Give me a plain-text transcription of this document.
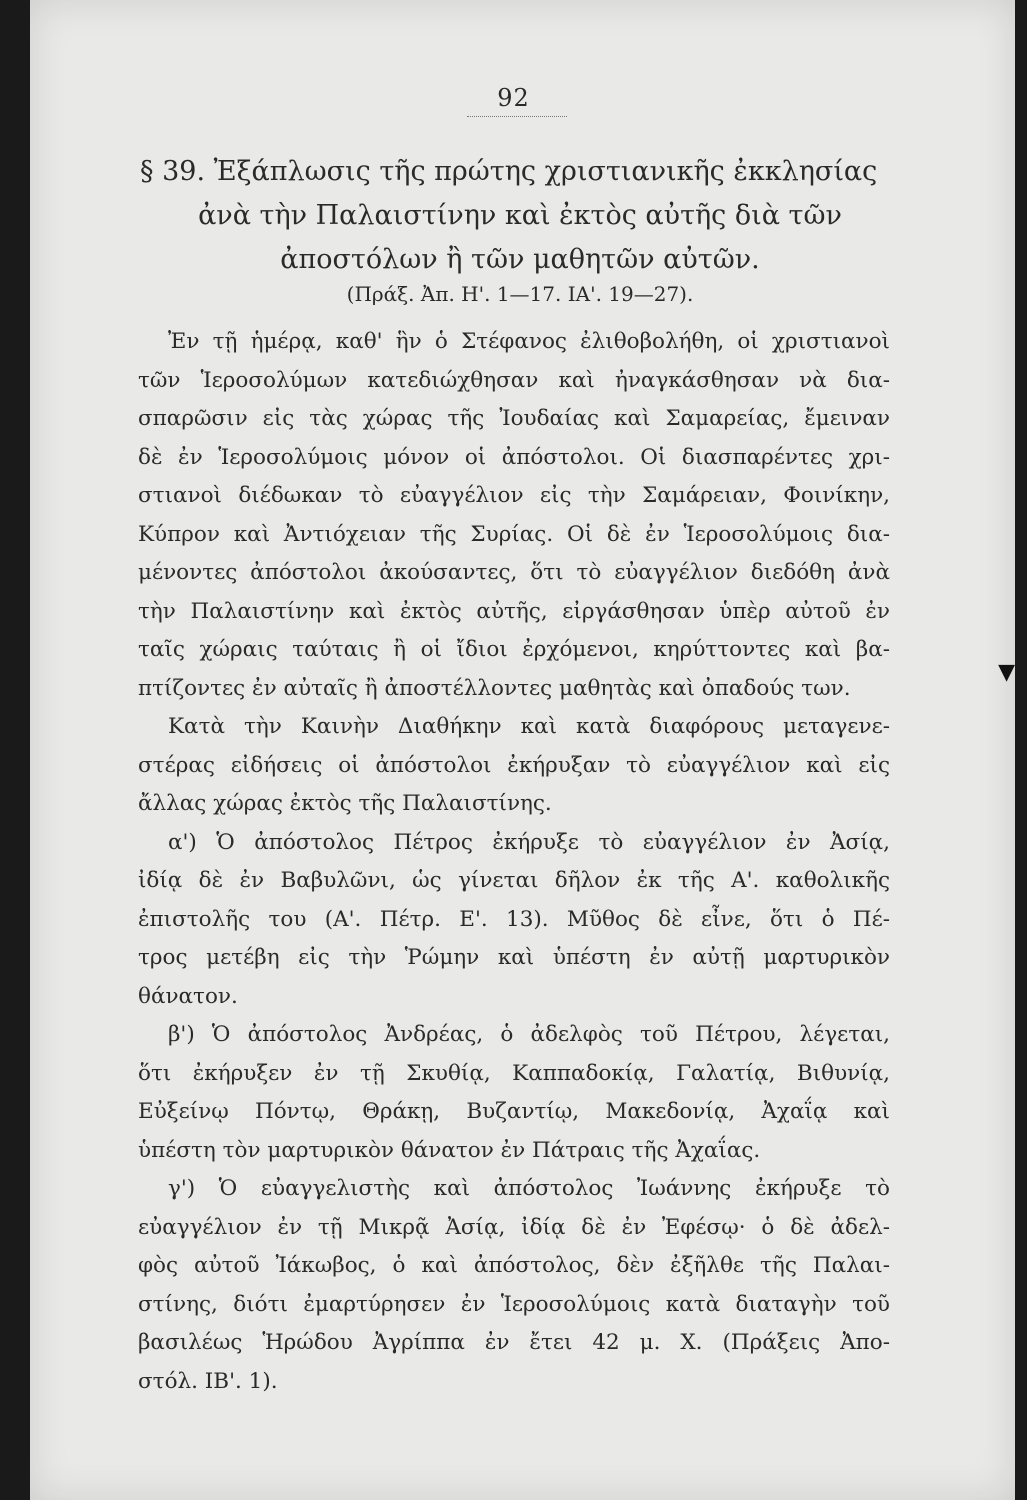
92
§ 39. Ἐξάπλωσις τῆς πρώτης χριστιανικῆς ἐκκλησίας
ἀνὰ τὴν Παλαιστίνην καὶ ἐκτὸς αὐτῆς διὰ τῶν
ἀποστόλων ἢ τῶν μαθητῶν αὐτῶν.
(Πράξ. Ἀπ. Η'. 1—17. ΙΑ'. 19—27).
Ἐν τῇ ἡμέρᾳ, καθ' ἣν ὁ Στέφανος ἐλιθοβολήθη, οἱ χριστιανοὶ
τῶν Ἱεροσολύμων κατεδιώχθησαν καὶ ἠναγκάσθησαν νὰ δια-
σπαρῶσιν εἰς τὰς χώρας τῆς Ἰουδαίας καὶ Σαμαρείας, ἔμειναν
δὲ ἐν Ἱεροσολύμοις μόνον οἱ ἀπόστολοι. Οἱ διασπαρέντες χρι-
στιανοὶ διέδωκαν τὸ εὐαγγέλιον εἰς τὴν Σαμάρειαν, Φοινίκην,
Κύπρον καὶ Ἀντιόχειαν τῆς Συρίας. Οἱ δὲ ἐν Ἱεροσολύμοις δια-
μένοντες ἀπόστολοι ἀκούσαντες, ὅτι τὸ εὐαγγέλιον διεδόθη ἀνὰ
τὴν Παλαιστίνην καὶ ἐκτὸς αὐτῆς, εἰργάσθησαν ὑπὲρ αὐτοῦ ἐν
ταῖς χώραις ταύταις ἢ οἱ ἴδιοι ἐρχόμενοι, κηρύττοντες καὶ βα-
πτίζοντες ἐν αὐταῖς ἢ ἀποστέλλοντες μαθητὰς καὶ ὀπαδούς των.
Κατὰ τὴν Καινὴν Διαθήκην καὶ κατὰ διαφόρους μεταγενε-
στέρας εἰδήσεις οἱ ἀπόστολοι ἐκήρυξαν τὸ εὐαγγέλιον καὶ εἰς
ἄλλας χώρας ἐκτὸς τῆς Παλαιστίνης.
α') Ὁ ἀπόστολος Πέτρος ἐκήρυξε τὸ εὐαγγέλιον ἐν Ἀσίᾳ,
ἰδίᾳ δὲ ἐν Βαβυλῶνι, ὡς γίνεται δῆλον ἐκ τῆς Α'. καθολικῆς
ἐπιστολῆς του (Α'. Πέτρ. Ε'. 13). Μῦθος δὲ εἶνε, ὅτι ὁ Πέ-
τρος μετέβη εἰς τὴν Ῥώμην καὶ ὑπέστη ἐν αὐτῇ μαρτυρικὸν
θάνατον.
β') Ὁ ἀπόστολος Ἀνδρέας, ὁ ἀδελφὸς τοῦ Πέτρου, λέγεται,
ὅτι ἐκήρυξεν ἐν τῇ Σκυθίᾳ, Καππαδοκίᾳ, Γαλατίᾳ, Βιθυνίᾳ,
Εὐξείνῳ Πόντῳ, Θράκῃ, Βυζαντίῳ, Μακεδονίᾳ, Ἀχαΐᾳ καὶ
ὑπέστη τὸν μαρτυρικὸν θάνατον ἐν Πάτραις τῆς Ἀχαΐας.
γ') Ὁ εὐαγγελιστὴς καὶ ἀπόστολος Ἰωάννης ἐκήρυξε τὸ
εὐαγγέλιον ἐν τῇ Μικρᾷ Ἀσίᾳ, ἰδίᾳ δὲ ἐν Ἐφέσῳ· ὁ δὲ ἀδελ-
φὸς αὐτοῦ Ἰάκωβος, ὁ καὶ ἀπόστολος, δὲν ἐξῆλθε τῆς Παλαι-
στίνης, διότι ἐμαρτύρησεν ἐν Ἱεροσολύμοις κατὰ διαταγὴν τοῦ
βασιλέως Ἡρώδου Ἀγρίππα ἐν ἔτει 42 μ. Χ. (Πράξεις Ἀπο-
στόλ. ΙΒ'. 1).
▼
